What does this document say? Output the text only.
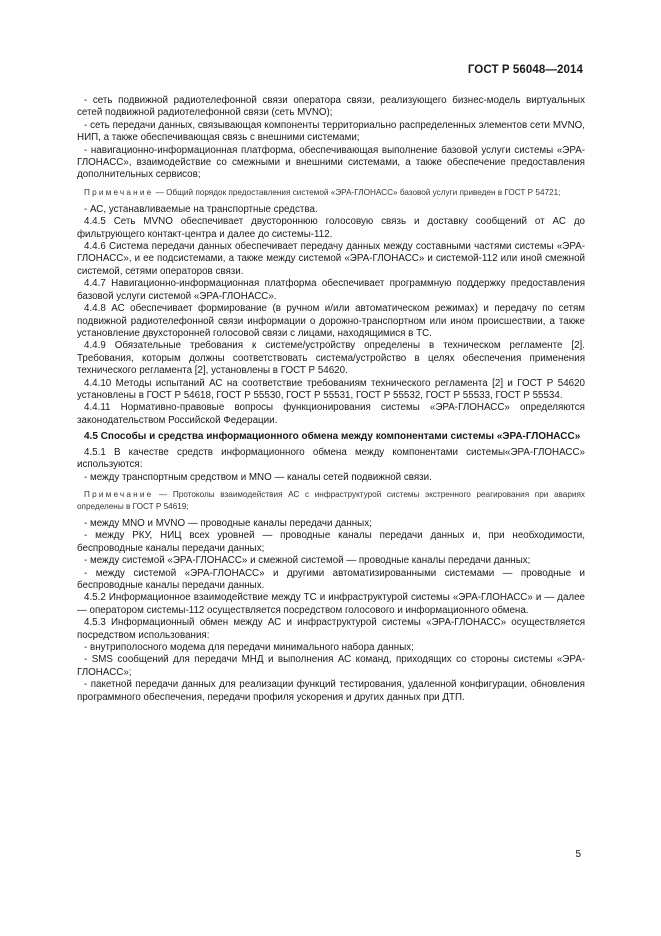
ГОСТ Р 56048—2014

- сеть подвижной радиотелефонной связи оператора связи, реализующего бизнес-модель виртуальных сетей подвижной радиотелефонной связи (сеть MVNO);

- сеть передачи данных, связывающая компоненты территориально распределенных элементов сети MVNO, НИП, а также обеспечивающая связь с внешними системами;

- навигационно-информационная платформа, обеспечивающая выполнение базовой услуги системы «ЭРА-ГЛОНАСС», взаимодействие со смежными и внешними системами, а также обеспечение предоставления дополнительных сервисов;

Примечание — Общий порядок предоставления системой «ЭРА-ГЛОНАСС» базовой услуги приведен в ГОСТ Р 54721;

- АС, устанавливаемые на транспортные средства.

4.4.5 Сеть MVNO обеспечивает двустороннюю голосовую связь и доставку сообщений от АС до фильтрующего контакт-центра и далее до системы-112.

4.4.6 Система передачи данных обеспечивает передачу данных между составными частями системы «ЭРА-ГЛОНАСС», и ее подсистемами, а также между системой «ЭРА-ГЛОНАСС» и системой-112 или иной смежной системой, сетями операторов связи.

4.4.7 Навигационно-информационная платформа обеспечивает программную поддержку предоставления базовой услуги системой «ЭРА-ГЛОНАСС».

4.4.8 АС обеспечивает формирование (в ручном и/или автоматическом режимах) и передачу по сетям подвижной радиотелефонной связи информации о дорожно-транспортном или ином происшествии, а также установление двухсторонней голосовой связи с лицами, находящимися в ТС.

4.4.9 Обязательные требования к системе/устройству определены в техническом регламенте [2]. Требования, которым должны соответствовать система/устройство в целях обеспечения применения технического регламента [2], установлены в ГОСТ Р 54620.

4.4.10 Методы испытаний АС на соответствие требованиям технического регламента [2] и ГОСТ Р 54620 установлены в ГОСТ Р 54618, ГОСТ Р 55530, ГОСТ Р 55531, ГОСТ Р 55532, ГОСТ Р 55533, ГОСТ Р 55534.

4.4.11 Нормативно-правовые вопросы функционирования системы «ЭРА-ГЛОНАСС» определяются законодательством Российской Федерации.

4.5 Способы и средства информационного обмена между компонентами системы «ЭРА-ГЛОНАСС»

4.5.1 В качестве средств информационного обмена между компонентами системы«ЭРА-ГЛОНАСС» используются:

- между транспортным средством и MNO — каналы сетей подвижной связи.

Примечание — Протоколы взаимодействия АС с инфраструктурой системы экстренного реагирования при авариях определены в ГОСТ Р 54619;

- между MNO и MVNO — проводные каналы передачи данных;

- между РКУ, НИЦ всех уровней — проводные каналы передачи данных и, при необходимости, беспроводные каналы передачи данных;

- между системой «ЭРА-ГЛОНАСС» и смежной системой — проводные каналы передачи данных;

- между системой «ЭРА-ГЛОНАСС» и другими автоматизированными системами — проводные и беспроводные каналы передачи данных.

4.5.2 Информационное взаимодействие между ТС и инфраструктурой системы «ЭРА-ГЛОНАСС» и — далее — оператором системы-112 осуществляется посредством голосового и информационного обмена.

4.5.3 Информационный обмен между АС и инфраструктурой системы «ЭРА-ГЛОНАСС» осуществляется посредством использования:

- внутриполосного модема для передачи минимального набора данных;

- SMS сообщений для передачи МНД и выполнения АС команд, приходящих со стороны системы «ЭРА-ГЛОНАСС»;

- пакетной передачи данных для реализации функций тестирования, удаленной конфигурации, обновления программного обеспечения, передачи профиля ускорения и других данных при ДТП.

5
